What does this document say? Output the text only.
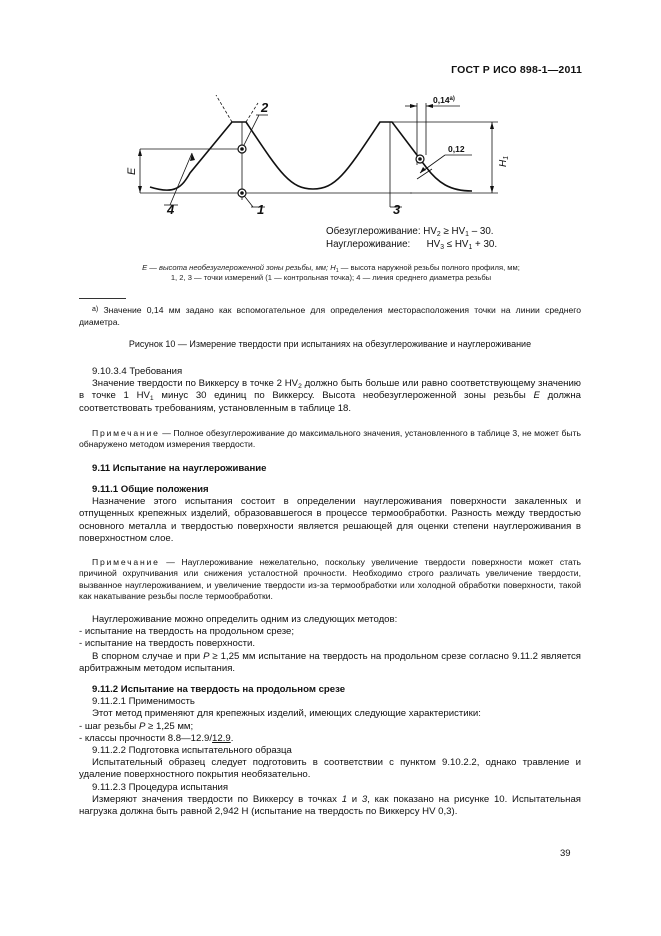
ГОСТ Р ИСО 898-1—2011
2
1	3
4
E
$H_1$
$0,14^{а)}$
0,12
Обезуглероживание: $HV_2 \ge HV_1 - 30$.
Науглероживание:      $HV_3 \le HV_1 + 30$.
E — высота необезуглероженной зоны резьбы, мм; $H_1$ — высота наружной резьбы полного профиля, мм;
1, 2, 3 — точки измерений (1 — контрольная точка); 4 — линия среднего диаметра резьбы
$^{а)}$ Значение 0,14 мм задано как вспомогательное для определения месторасположения точки на линии среднего диаметра.
Рисунок 10 — Измерение твердости при испытаниях на обезуглероживание и науглероживание

9.10.3.4 Требования

Значение твердости по Виккерсу в точке 2 $HV_2$ должно быть больше или равно соответствующему значению в точке 1 $HV_1$ минус 30 единиц по Виккерсу. Высота необезуглероженной зоны резьбы E должна соответствовать требованиям, установленным в таблице 18.

Примечание — Полное обезуглероживание до максимального значения, установленного в таблице 3, не может быть обнаружено методом измерения твердости.

9.11 Испытание на науглероживание

9.11.1 Общие положения

Назначение этого испытания состоит в определении науглероживания поверхности закаленных и отпущенных крепежных изделий, образовавшегося в процессе термообработки. Разность между твердостью основного металла и твердостью поверхности является решающей для оценки степени науглероживания в поверхностном слое.

Примечание — Науглероживание нежелательно, поскольку увеличение твердости поверхности может стать причиной охрупчивания или снижения усталостной прочности. Необходимо строго различать увеличение твердости, вызванное науглероживанием, и увеличение твердости из-за термообработки или холодной обработки поверхности, такой как накатывание резьбы после термообработки.

Науглероживание можно определить одним из следующих методов:

- испытание на твердость на продольном срезе;

- испытание на твердость поверхности.

В спорном случае и при P ≥ 1,25 мм испытание на твердость на продольном срезе согласно 9.11.2 является арбитражным методом испытания.

9.11.2 Испытание на твердость на продольном срезе

9.11.2.1 Применимость

Этот метод применяют для крепежных изделий, имеющих следующие характеристики:

- шаг резьбы P ≥ 1,25 мм;

- классы прочности 8.8—12.9/12.9.

9.11.2.2 Подготовка испытательного образца

Испытательный образец следует подготовить в соответствии с пунктом 9.10.2.2, однако травление и удаление поверхностного покрытия необязательно.

9.11.2.3 Процедура испытания

Измеряют значения твердости по Виккерсу в точках 1 и 3, как показано на рисунке 10. Испытательная нагрузка должна быть равной 2,942 Н (испытание на твердость по Виккерсу HV 0,3).

39
